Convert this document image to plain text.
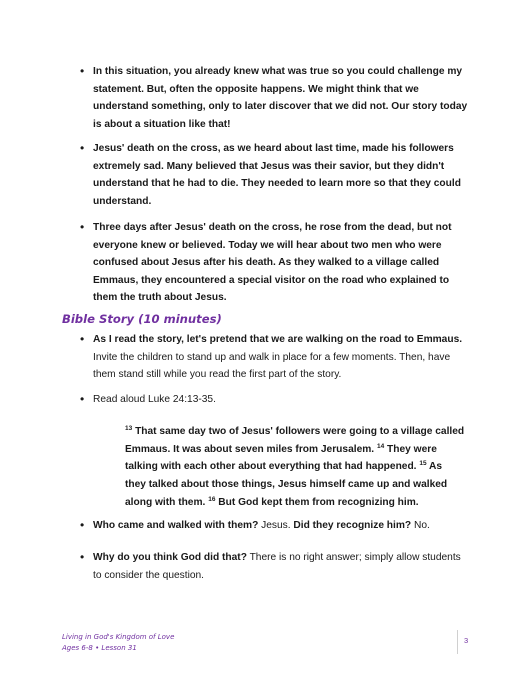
• In this situation, you already knew what was true so you could challenge my statement. But, often the opposite happens. We might think that we understand something, only to later discover that we did not. Our story today is about a situation like that!

• Jesus' death on the cross, as we heard about last time, made his followers extremely sad. Many believed that Jesus was their savior, but they didn't understand that he had to die. They needed to learn more so that they could understand.

• Three days after Jesus' death on the cross, he rose from the dead, but not everyone knew or believed. Today we will hear about two men who were confused about Jesus after his death. As they walked to a village called Emmaus, they encountered a special visitor on the road who explained to them the truth about Jesus.

Bible Story (10 minutes)
• As I read the story, let's pretend that we are walking on the road to Emmaus. Invite the children to stand up and walk in place for a few moments. Then, have them stand still while you read the first part of the story.

• Read aloud Luke 24:13-35.

$^{13}$ That same day two of Jesus' followers were going to a village called Emmaus. It was about seven miles from Jerusalem. $^{14}$ They were talking with each other about everything that had happened. $^{15}$ As they talked about those things, Jesus himself came up and walked along with them. $^{16}$ But God kept them from recognizing him.

• Who came and walked with them? Jesus. Did they recognize him? No.

• Why do you think God did that? There is no right answer; simply allow students to consider the question.

Living in God's Kingdom of Love
Ages 6-8 • Lesson 31
3
